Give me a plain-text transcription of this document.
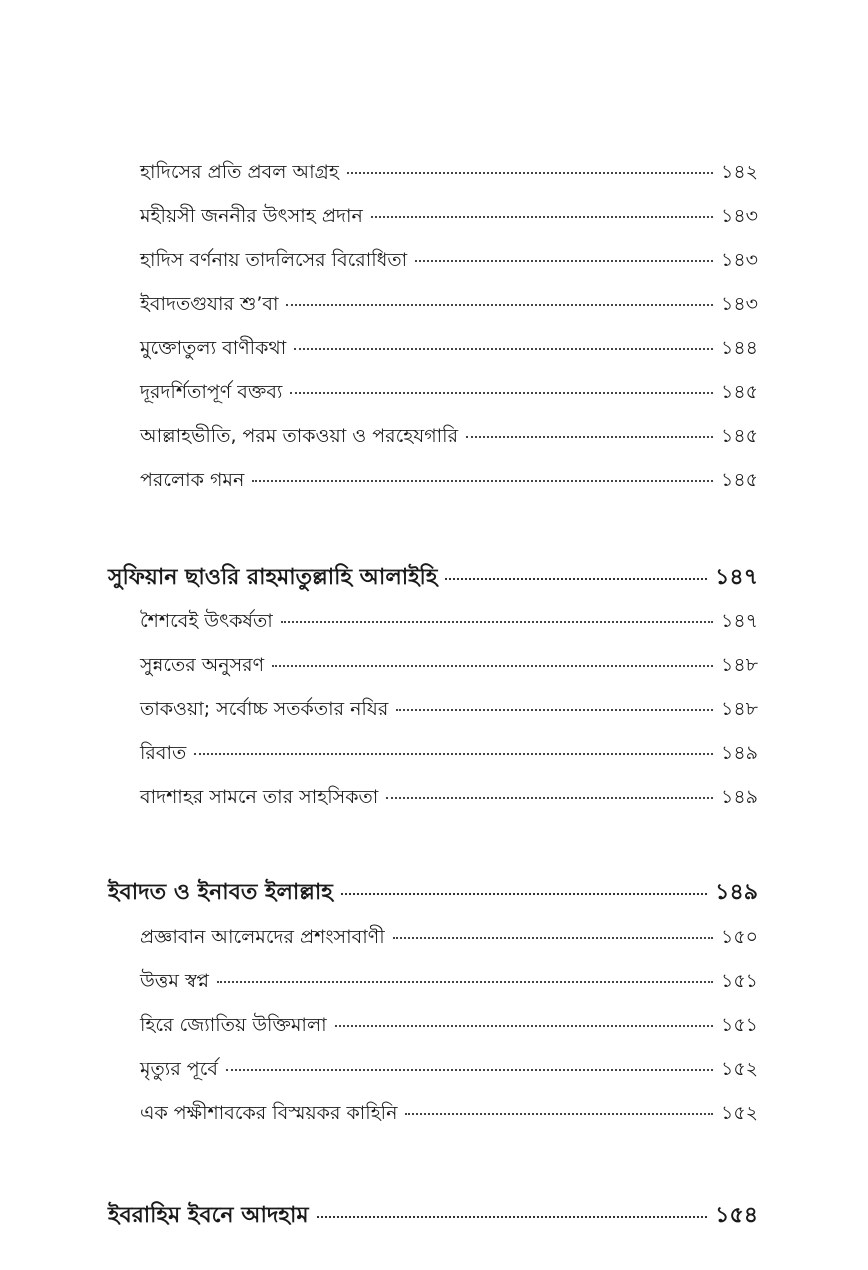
হাদিসের প্রতি প্রবল আগ্রহ	১৪২
মহীয়সী জননীর উৎসাহ প্রদান	১৪৩
হাদিস বর্ণনায় তাদলিসের বিরোধিতা	১৪৩
ইবাদতগুযার শু’বা	১৪৩
মুক্তোতুল্য বাণীকথা	১৪৪
দূরদর্শিতাপূর্ণ বক্তব্য	১৪৫
আল্লাহভীতি, পরম তাকওয়া ও পরহেযগারি	১৪৫
পরলোক গমন	১৪৫
সুফিয়ান ছাওরি রাহমাতুল্লাহি আলাইহি	১৪৭
শৈশবেই উৎকর্ষতা	১৪৭
সুন্নতের অনুসরণ	১৪৮
তাকওয়া; সর্বোচ্চ সতর্কতার নযির	১৪৮
রিবাত	১৪৯
বাদশাহর সামনে তার সাহসিকতা	১৪৯
ইবাদত ও ইনাবত ইলাল্লাহ	১৪৯
প্রজ্ঞাবান আলেমদের প্রশংসাবাণী	১৫০
উত্তম স্বপ্ন	১৫১
হিরে জ্যোতিয় উক্তিমালা	১৫১
মৃত্যুর পূর্বে	১৫২
এক পক্ষীশাবকের বিস্ময়কর কাহিনি	১৫২
ইবরাহিম ইবনে আদহাম	১৫৪
